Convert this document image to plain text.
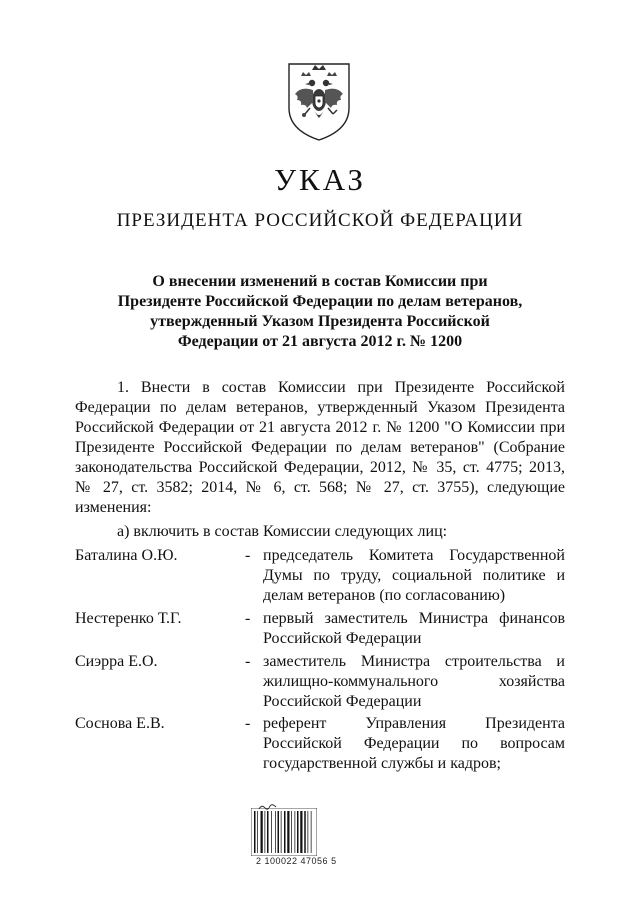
УКАЗ
ПРЕЗИДЕНТА РОССИЙСКОЙ ФЕДЕРАЦИИ
О внесении изменений в состав Комиссии при
Президенте Российской Федерации по делам ветеранов,
утвержденный Указом Президента Российской
Федерации от 21 августа 2012 г. № 1200
1. Внести в состав Комиссии при Президенте Российской
Федерации по делам ветеранов, утвержденный Указом Президента
Российской Федерации от 21 августа 2012 г. № 1200 "О Комиссии при
Президенте Российской Федерации по делам ветеранов" (Собрание
законодательства Российской Федерации, 2012, № 35, ст. 4775; 2013,
№ 27, ст. 3582; 2014, № 6, ст. 568; № 27, ст. 3755), следующие
изменения:
а) включить в состав Комиссии следующих лиц:
Баталина О.Ю.	- председатель Комитета Государственной
Думы по труду, социальной политике и
делам ветеранов (по согласованию)
Нестеренко Т.Г.	- первый заместитель Министра финансов
Российской Федерации
Сиэрра Е.О.	- заместитель Министра строительства и
жилищно-коммунального хозяйства
Российской Федерации
Соснова Е.В.	- референт Управления Президента
Российской Федерации по вопросам
государственной службы и кадров;
2 100022 47056 5
